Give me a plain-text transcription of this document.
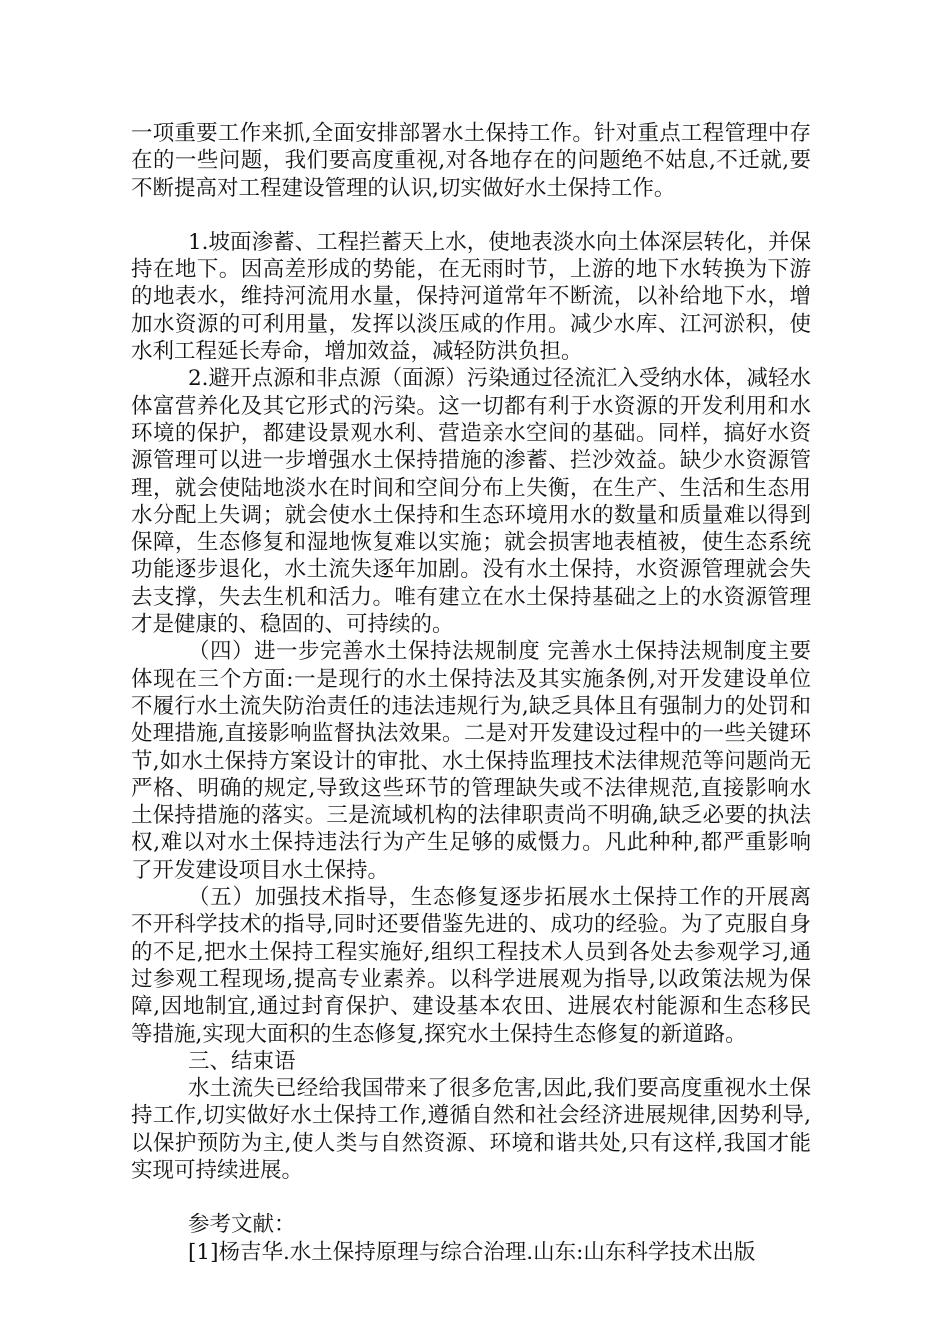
一项重要工作来抓,全面安排部署水土保持工作。针对重点工程管理中存在的一些问题，我们要高度重视,对各地存在的问题绝不姑息,不迁就,要不断提高对工程建设管理的认识,切实做好水土保持工作。

1.坡面渗蓄、工程拦蓄天上水，使地表淡水向土体深层转化，并保持在地下。因高差形成的势能，在无雨时节，上游的地下水转换为下游的地表水，维持河流用水量，保持河道常年不断流，以补给地下水，增加水资源的可利用量，发挥以淡压咸的作用。减少水库、江河淤积，使水利工程延长寿命，增加效益，减轻防洪负担。

2.避开点源和非点源（面源）污染通过径流汇入受纳水体，减轻水体富营养化及其它形式的污染。这一切都有利于水资源的开发利用和水环境的保护，都建设景观水利、营造亲水空间的基础。同样，搞好水资源管理可以进一步增强水土保持措施的渗蓄、拦沙效益。缺少水资源管理，就会使陆地淡水在时间和空间分布上失衡，在生产、生活和生态用水分配上失调；就会使水土保持和生态环境用水的数量和质量难以得到保障，生态修复和湿地恢复难以实施；就会损害地表植被，使生态系统功能逐步退化，水土流失逐年加剧。没有水土保持，水资源管理就会失去支撑，失去生机和活力。唯有建立在水土保持基础之上的水资源管理才是健康的、稳固的、可持续的。

（四）进一步完善水土保持法规制度 完善水土保持法规制度主要体现在三个方面:一是现行的水土保持法及其实施条例,对开发建设单位不履行水土流失防治责任的违法违规行为,缺乏具体且有强制力的处罚和处理措施,直接影响监督执法效果。二是对开发建设过程中的一些关键环节,如水土保持方案设计的审批、水土保持监理技术法律规范等问题尚无严格、明确的规定,导致这些环节的管理缺失或不法律规范,直接影响水土保持措施的落实。三是流域机构的法律职责尚不明确,缺乏必要的执法权,难以对水土保持违法行为产生足够的威慑力。凡此种种,都严重影响了开发建设项目水土保持。

（五）加强技术指导，生态修复逐步拓展水土保持工作的开展离不开科学技术的指导,同时还要借鉴先进的、成功的经验。为了克服自身的不足,把水土保持工程实施好,组织工程技术人员到各处去参观学习,通过参观工程现场,提高专业素养。以科学进展观为指导,以政策法规为保障,因地制宜,通过封育保护、建设基本农田、进展农村能源和生态移民等措施,实现大面积的生态修复,探究水土保持生态修复的新道路。

三、结束语

水土流失已经给我国带来了很多危害,因此,我们要高度重视水土保持工作,切实做好水土保持工作,遵循自然和社会经济进展规律,因势利导,以保护预防为主,使人类与自然资源、环境和谐共处,只有这样,我国才能实现可持续进展。

参考文献：

[1]杨吉华.水土保持原理与综合治理.山东:山东科学技术出版
